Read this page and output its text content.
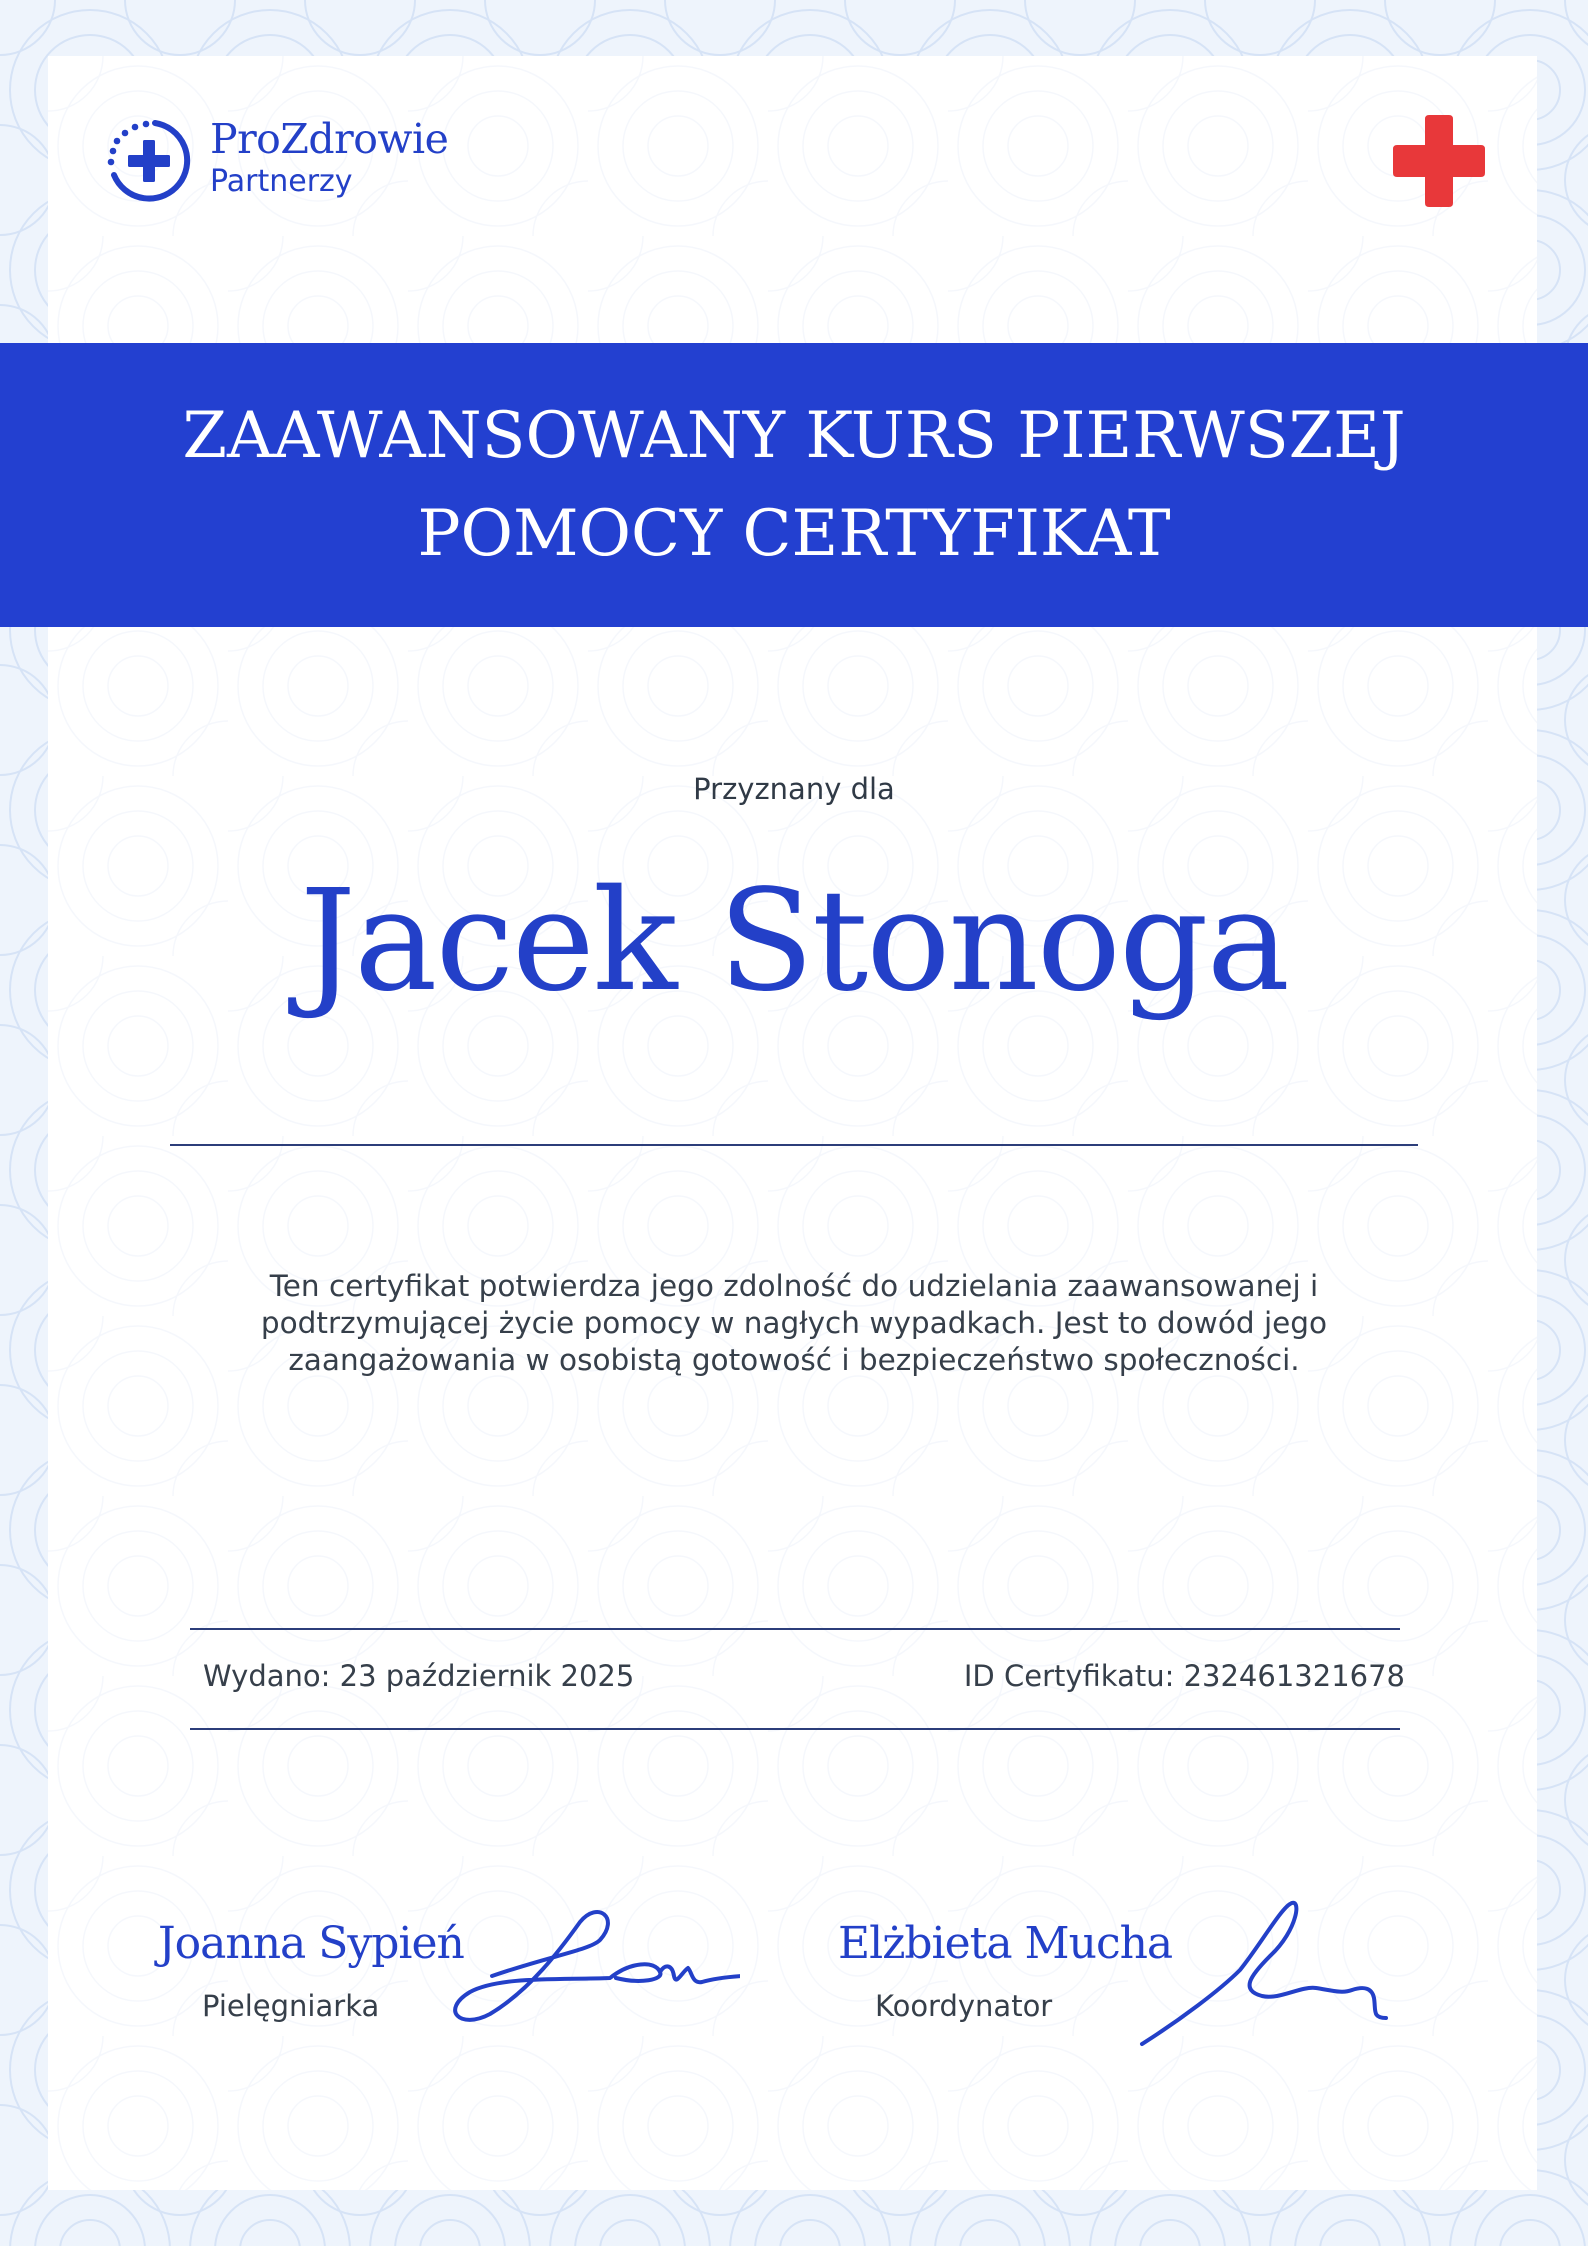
ProZdrowie
Partnerzy
ZAAWANSOWANY KURS PIERWSZEJ POMOCY CERTYFIKAT
Przyznany dla
Jacek Stonoga
Ten certyfikat potwierdza jego zdolność do udzielania zaawansowanej i podtrzymującej życie pomocy w nagłych wypadkach. Jest to dowód jego zaangażowania w osobistą gotowość i bezpieczeństwo społeczności.
Wydano: 23 październik 2025	ID Certyfikatu: 232461321678
Joanna Sypień
Pielęgniarka
Elżbieta Mucha
Koordynator
